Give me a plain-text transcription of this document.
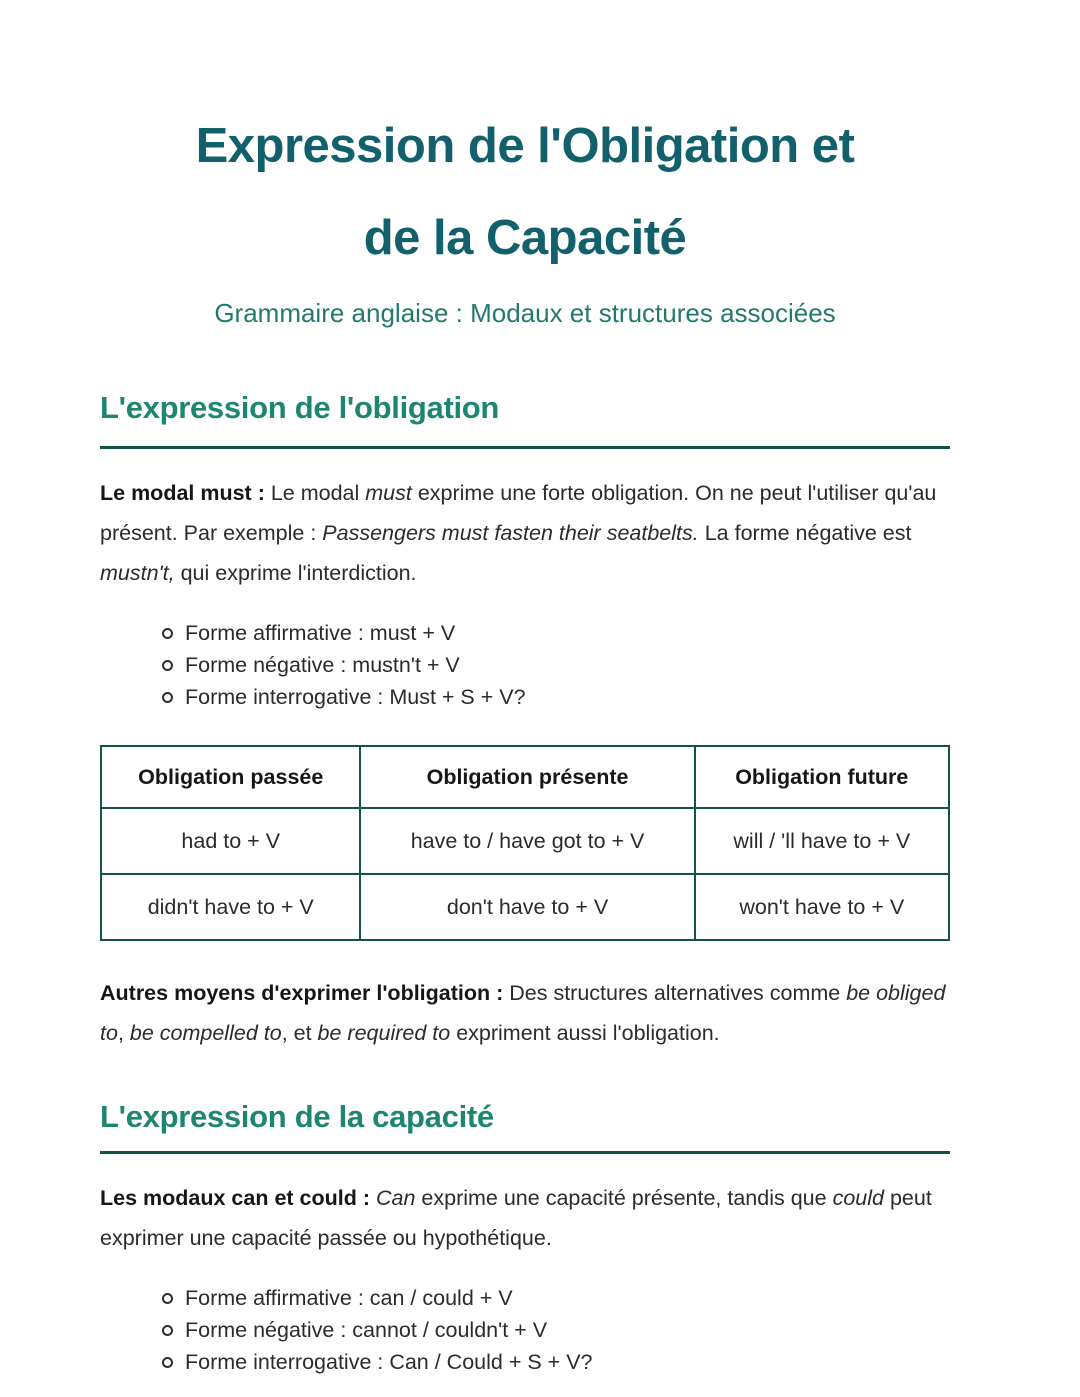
Expression de l'Obligation et
de la Capacité
Grammaire anglaise : Modaux et structures associées
L'expression de l'obligation

Le modal must : Le modal must exprime une forte obligation. On ne peut l'utiliser qu'au présent. Par exemple : Passengers must fasten their seatbelts. La forme négative est mustn't, qui exprime l'interdiction.

Forme affirmative : must + V
Forme négative : mustn't + V
Forme interrogative : Must + S + V?
Obligation passée	Obligation présente	Obligation future
had to + V	have to / have got to + V	will / 'll have to + V
didn't have to + V	don't have to + V	won't have to + V

Autres moyens d'exprimer l'obligation : Des structures alternatives comme be obliged to, be compelled to, et be required to expriment aussi l'obligation.

L'expression de la capacité

Les modaux can et could : Can exprime une capacité présente, tandis que could peut exprimer une capacité passée ou hypothétique.

Forme affirmative : can / could + V
Forme négative : cannot / couldn't + V
Forme interrogative : Can / Could + S + V?
